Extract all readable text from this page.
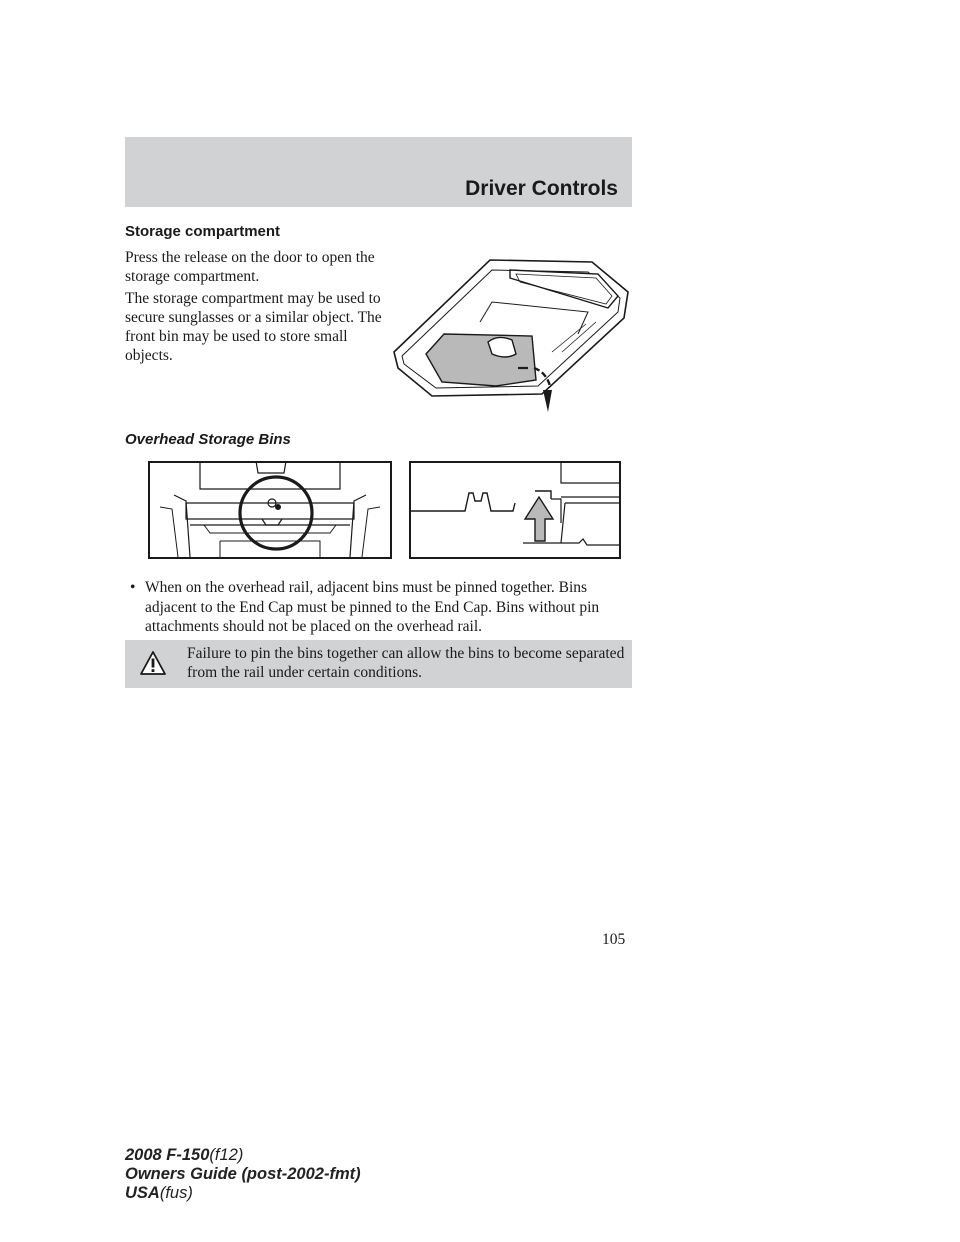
Driver Controls
Storage compartment
Press the release on the door to open the storage compartment.
The storage compartment may be used to secure sunglasses or a similar object. The front bin may be used to store small objects.
Overhead Storage Bins
• When on the overhead rail, adjacent bins must be pinned together. Bins adjacent to the End Cap must be pinned to the End Cap. Bins without pin attachments should not be placed on the overhead rail.
Failure to pin the bins together can allow the bins to become separated from the rail under certain conditions.
105
2008 F-150(f12)
Owners Guide (post-2002-fmt)
USA(fus)
